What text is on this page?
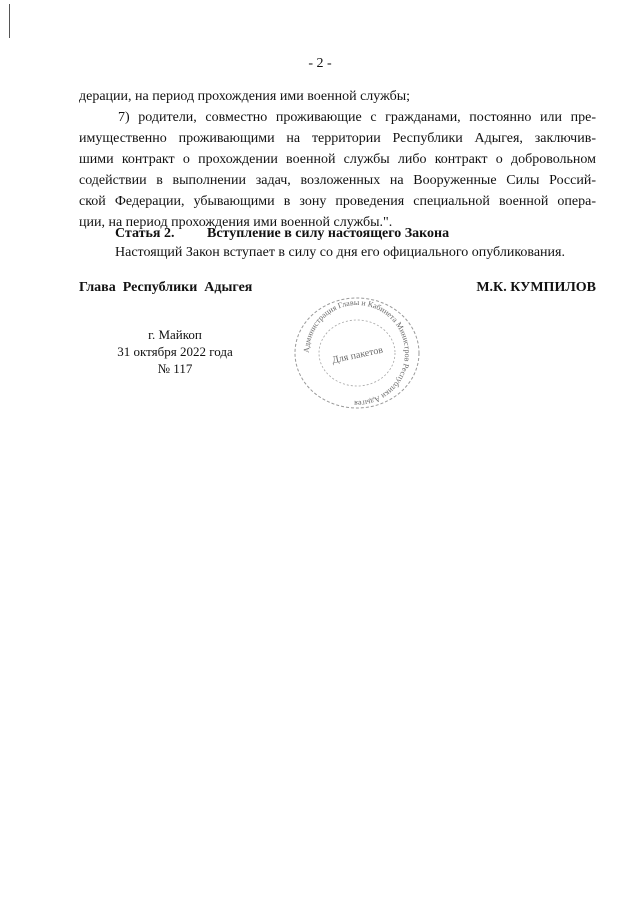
- 2 -
дерации, на период прохождения ими военной службы;
7) родители, совместно проживающие с гражданами, постоянно или пре-
имущественно проживающими на территории Республики Адыгея, заключив-
шими контракт о прохождении военной службы либо контракт о добровольном
содействии в выполнении задач, возложенных на Вооруженные Силы Россий-
ской Федерации, убывающими в зону проведения специальной военной опера-
ции, на период прохождения ими военной службы.".
Статья 2. Вступление в силу настоящего Закона
Настоящий Закон вступает в силу со дня его официального опубликования.
Глава  Республики  Адыгея	М.К. КУМПИЛОВ
г. Майкоп
31 октября 2022 года
№ 117
Администрация Главы и Кабинета Министров Республики Адыгея
Для пакетов
